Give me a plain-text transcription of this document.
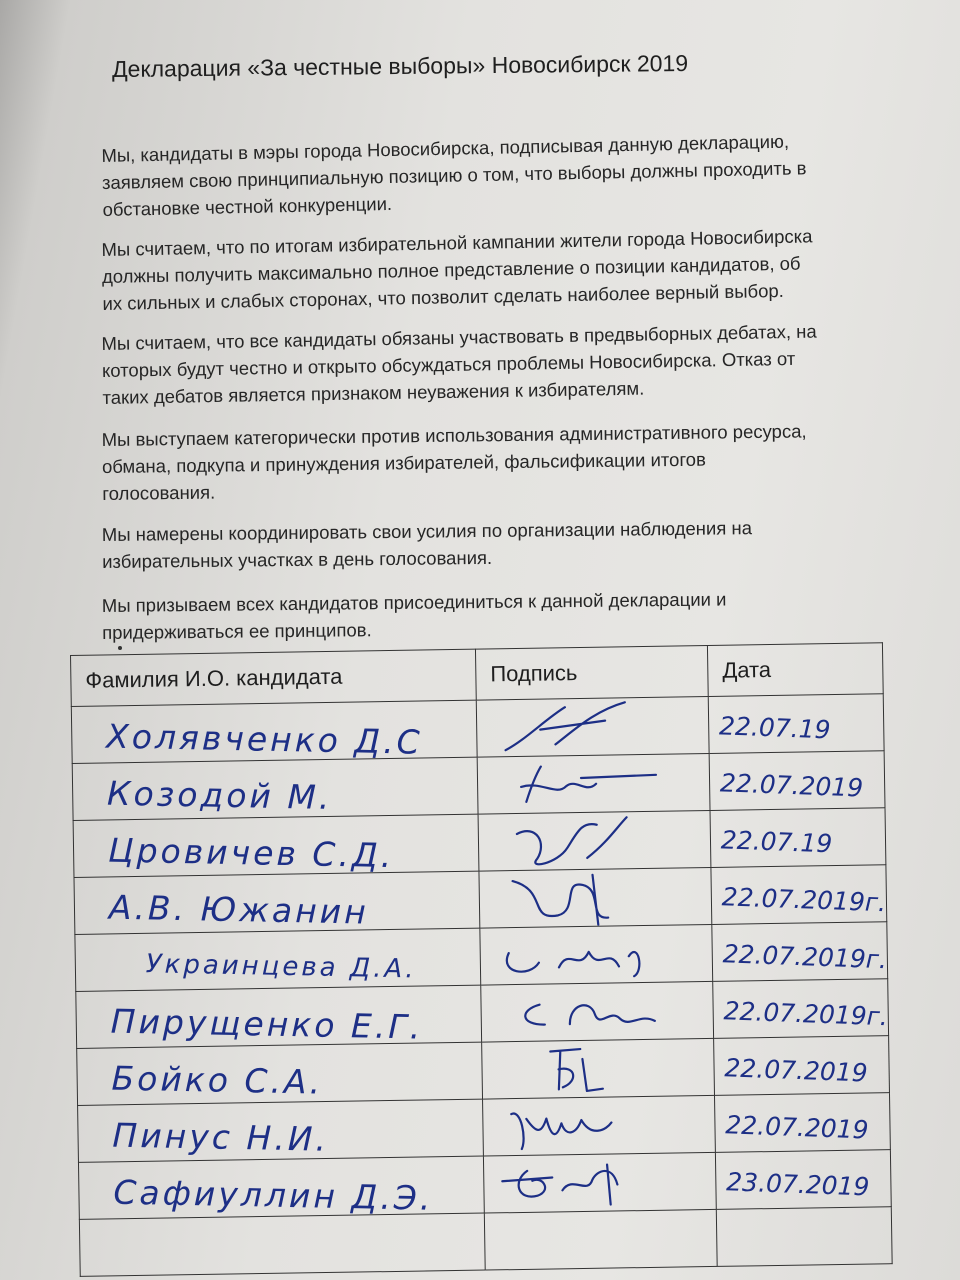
Декларация «За честные выборы» Новосибирск 2019
Мы, кандидаты в мэры города Новосибирска, подписывая данную декларацию,
заявляем свою принципиальную позицию о том, что выборы должны проходить в
обстановке честной конкуренции.
Мы считаем, что по итогам избирательной кампании жители города Новосибирска
должны получить максимально полное представление о позиции кандидатов, об
их сильных и слабых сторонах, что позволит сделать наиболее верный выбор.
Мы считаем, что все кандидаты обязаны участвовать в предвыборных дебатах, на
которых будут честно и открыто обсуждаться проблемы Новосибирска. Отказ от
таких дебатов является признаком неуважения к избирателям.
Мы выступаем категорически против использования административного ресурса,
обмана, подкупа и принуждения избирателей, фальсификации итогов
голосования.
Мы намерены координировать свои усилия по организации наблюдения на
избирательных участках в день голосования.
Мы призываем всех кандидатов присоединиться к данной декларации и
придерживаться ее принципов.
Фамилия И.О. кандидата	Подпись	Дата

Холявченко Д.С		22.07.19

Козодой М.		22.07.2019

Цровичев С.Д.		22.07.19

А.В. Южанин		22.07.2019г.

Украинцева Д.А.		22.07.2019г.

Пирущенко Е.Г.		22.07.2019г.

Бойко С.А.		22.07.2019

Пинус Н.И.		22.07.2019

Сафиуллин Д.Э.		23.07.2019
